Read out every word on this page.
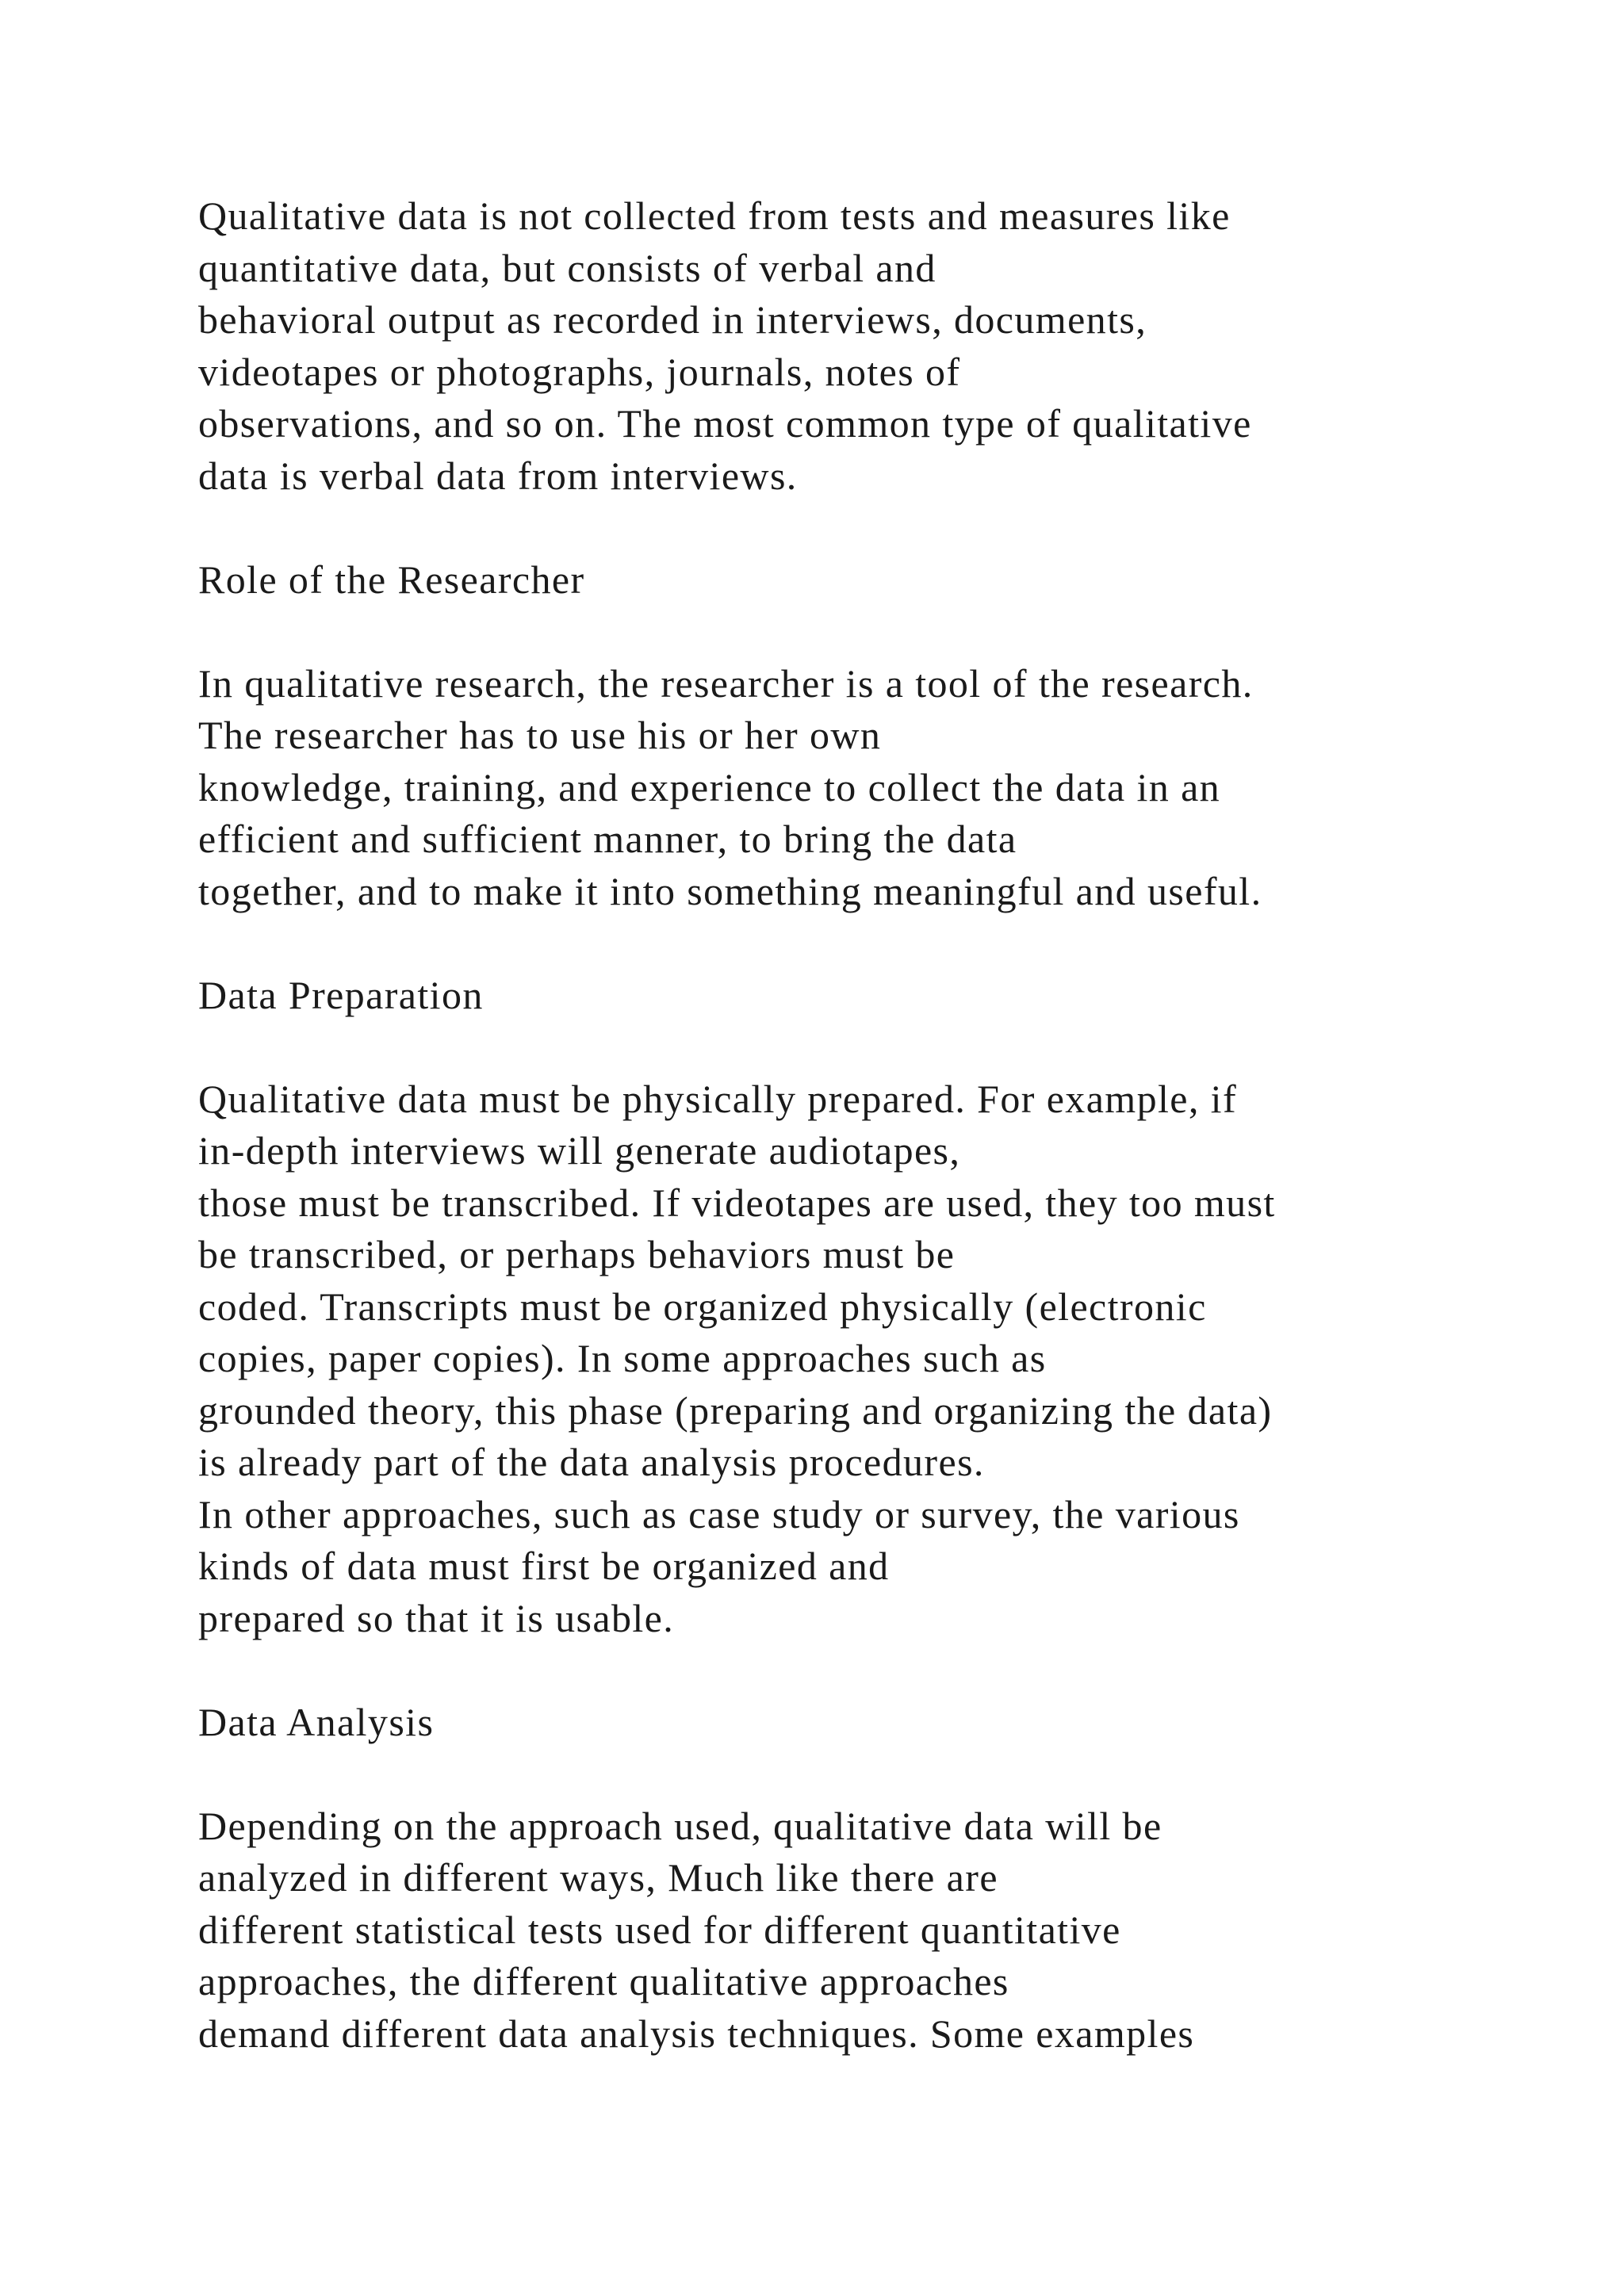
Qualitative data is not collected from tests and measures like
quantitative data, but consists of verbal and
behavioral output as recorded in interviews, documents,
videotapes or photographs, journals, notes of
observations, and so on. The most common type of qualitative
data is verbal data from interviews.
Role of the Researcher
In qualitative research, the researcher is a tool of the research.
The researcher has to use his or her own
knowledge, training, and experience to collect the data in an
efficient and sufficient manner, to bring the data
together, and to make it into something meaningful and useful.
Data Preparation
Qualitative data must be physically prepared. For example, if
in-depth interviews will generate audiotapes,
those must be transcribed. If videotapes are used, they too must
be transcribed, or perhaps behaviors must be
coded. Transcripts must be organized physically (electronic
copies, paper copies). In some approaches such as
grounded theory, this phase (preparing and organizing the data)
is already part of the data analysis procedures.
In other approaches, such as case study or survey, the various
kinds of data must first be organized and
prepared so that it is usable.
Data Analysis
Depending on the approach used, qualitative data will be
analyzed in different ways, Much like there are
different statistical tests used for different quantitative
approaches, the different qualitative approaches
demand different data analysis techniques. Some examples
